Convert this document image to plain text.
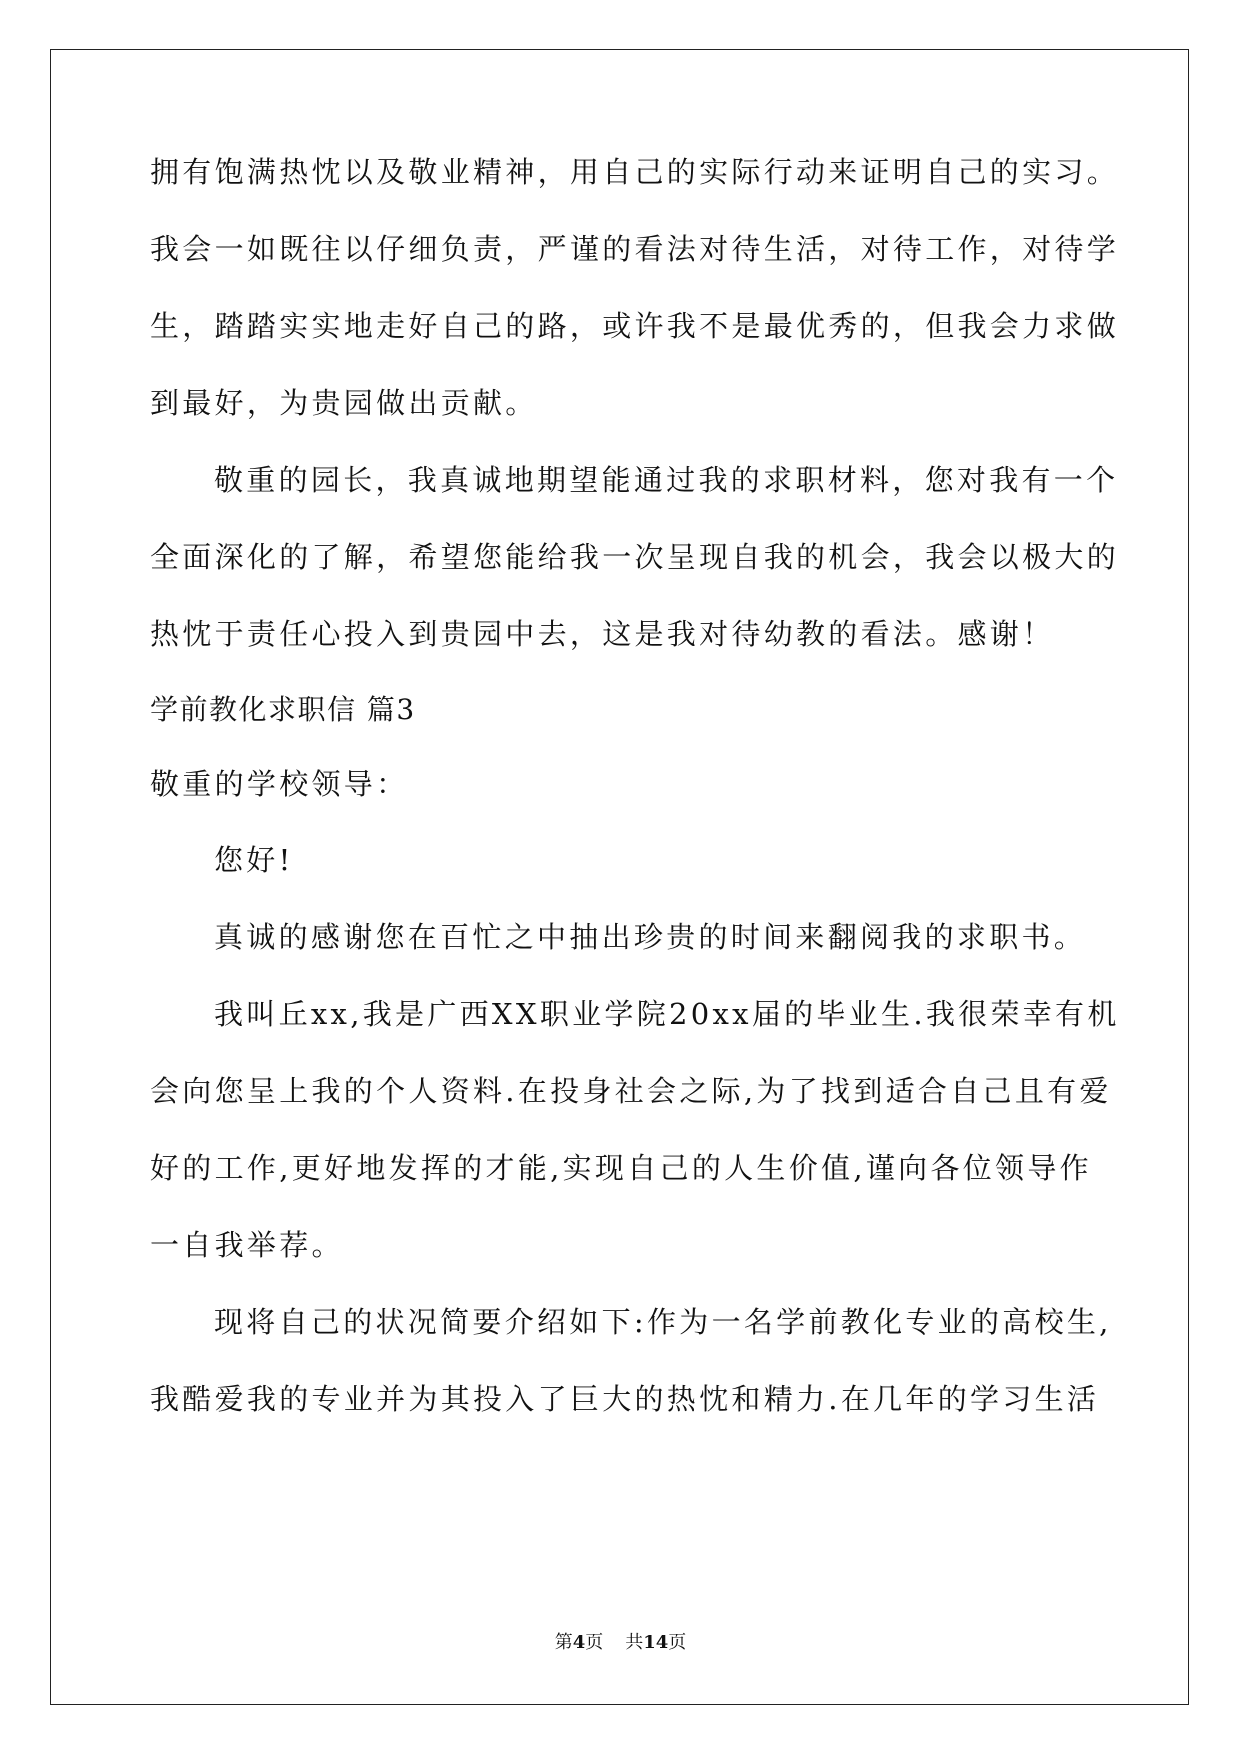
拥有饱满热忱以及敬业精神，用自己的实际行动来证明自己的实习。
我会一如既往以仔细负责，严谨的看法对待生活，对待工作，对待学
生，踏踏实实地走好自己的路，或许我不是最优秀的，但我会力求做
到最好，为贵园做出贡献。
敬重的园长，我真诚地期望能通过我的求职材料，您对我有一个
全面深化的了解，希望您能给我一次呈现自我的机会，我会以极大的
热忱于责任心投入到贵园中去，这是我对待幼教的看法。感谢！
学前教化求职信 篇3
敬重的学校领导：
您好!
真诚的感谢您在百忙之中抽出珍贵的时间来翻阅我的求职书。
我叫丘xx,我是广西XX职业学院20xx届的毕业生.我很荣幸有机
会向您呈上我的个人资料.在投身社会之际,为了找到适合自己且有爱
好的工作,更好地发挥的才能,实现自己的人生价值,谨向各位领导作
一自我举荐。
现将自己的状况简要介绍如下:作为一名学前教化专业的高校生,
我酷爱我的专业并为其投入了巨大的热忱和精力.在几年的学习生活
第4页 共14页
